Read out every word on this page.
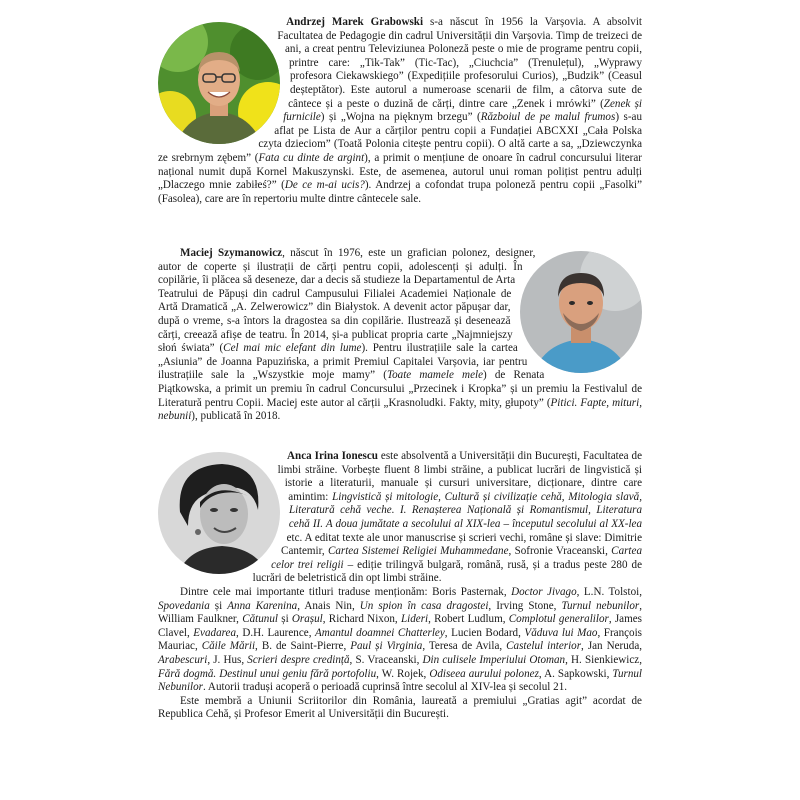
Andrzej Marek Grabowski s-a născut în 1956 la Varșovia. A absolvit Facultatea de Pedagogie din cadrul Universității din Varșovia. Timp de treizeci de ani, a creat pentru Televiziunea Poloneză peste o mie de programe pentru copii, printre care: „Tik-Tak” (Tic-Tac), „Ciuchcia” (Trenulețul), „Wyprawy profesora Ciekawskiego” (Expedițiile profesorului Curios), „Budzik” (Ceasul deșteptător). Este autorul a numeroase scenarii de film, a câtorva sute de cântece și a peste o duzină de cărți, dintre care „Zenek i mrówki” (Zenek și furnicile) și „Wojna na pięknym brzegu” (Războiul de pe malul frumos) s-au aflat pe Lista de Aur a cărților pentru copii a Fundației ABCXXI „Cała Polska czyta dzieciom” (Toată Polonia citește pentru copii). O altă carte a sa, „Dziewczynka ze srebrnym zębem” (Fata cu dinte de argint), a primit o mențiune de onoare în cadrul concursului literar național numit după Kornel Makuszynski. Este, de asemenea, autorul unui roman polițist pentru adulți „Dlaczego mnie zabiłeś?” (De ce m-ai ucis?). Andrzej a cofondat trupa poloneză pentru copii „Fasolki” (Fasolea), care are în repertoriu multe dintre cântecele sale.

Maciej Szymanowicz, născut în 1976, este un grafician polonez, designer, autor de coperte și ilustrații de cărți pentru copii, adolescenți și adulți. În copilărie, îi plăcea să deseneze, dar a decis să studieze la Departamentul de Arta Teatrului de Păpuși din cadrul Campusului Filialei Academiei Naționale de Artă Dramatică „A. Zelwerowicz” din Białystok. A devenit actor păpușar dar, după o vreme, s-a întors la dragostea sa din copilărie. Ilustrează și desenează cărți, creează afișe de teatru. În 2014, și-a publicat propria carte „Najmniejszy słoń świata” (Cel mai mic elefant din lume). Pentru ilustrațiile sale la cartea „Asiunia” de Joanna Papuzińska, a primit Premiul Capitalei Varșovia, iar pentru ilustrațiile sale la „Wszystkie moje mamy” (Toate mamele mele) de Renata Piątkowska, a primit un premiu în cadrul Concursului „Przecinek i Kropka” și un premiu la Festivalul de Literatură pentru Copii. Maciej este autor al cărții „Krasnoludki. Fakty, mity, głupoty” (Pitici. Fapte, mituri, nebunii), publicată în 2018.

Anca Irina Ionescu este absolventă a Universității din București, Facultatea de limbi străine. Vorbește fluent 8 limbi străine, a publicat lucrări de lingvistică și istorie a literaturii, manuale și cursuri universitare, dicționare, dintre care amintim: Lingvistică și mitologie, Cultură și civilizație cehă, Mitologia slavă, Literatură cehă veche. I. Renașterea Națională și Romantismul, Literatura cehă II. A doua jumătate a secolului al XIX-lea – începutul secolului al XX-lea etc. A editat texte ale unor manuscrise și scrieri vechi, române și slave: Dimitrie Cantemir, Cartea Sistemei Religiei Muhammedane, Sofronie Vraceanski, Cartea celor trei religii – ediție trilingvă bulgară, română, rusă, și a tradus peste 280 de lucrări de beletristică din opt limbi străine.

Dintre cele mai importante titluri traduse menționăm: Boris Pasternak, Doctor Jivago, L.N. Tolstoi, Spovedania și Anna Karenina, Anais Nin, Un spion în casa dragostei, Irving Stone, Turnul nebunilor, William Faulkner, Cătunul și Orașul, Richard Nixon, Lideri, Robert Ludlum, Complotul generalilor, James Clavel, Evadarea, D.H. Laurence, Amantul doamnei Chatterley, Lucien Bodard, Văduva lui Mao, François Mauriac, Căile Mării, B. de Saint-Pierre, Paul și Virginia, Teresa de Avila, Castelul interior, Jan Neruda, Arabescuri, J. Hus, Scrieri despre credință, S. Vraceanski, Din culisele Imperiului Otoman, H. Sienkiewicz, Fără dogmă. Destinul unui geniu fără portofoliu, W. Rojek, Odiseea aurului polonez, A. Sapkowski, Turnul Nebunilor. Autorii traduși acoperă o perioadă cuprinsă între secolul al XIV-lea și secolul 21.

Este membră a Uniunii Scriitorilor din România, laureată a premiului „Gratias agit” acordat de Republica Cehă, și Profesor Emerit al Universității din București.
